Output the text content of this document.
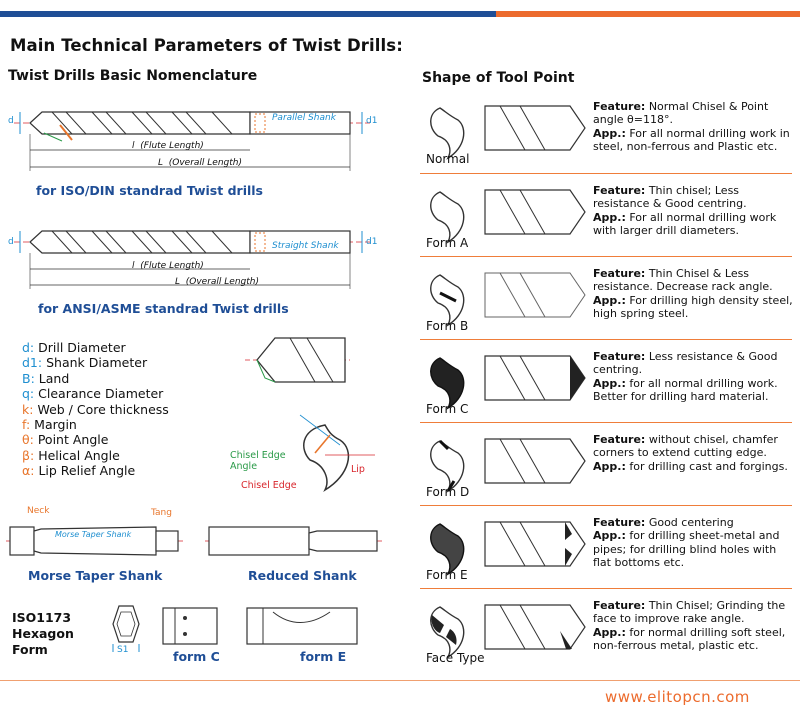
Main Technical Parameters of Twist Drills:
Twist Drills Basic Nomenclature
Parallel Shank
d	d1
l (Flute Length)
L (Overall Length)
for ISO/DIN standrad Twist drills
Straight Shank
d	d1
l (Flute Length)
L (Overall Length)
for ANSI/ASME standrad Twist drills
d: Drill Diameter
d1: Shank Diameter
B: Land
q: Clearance Diameter
k: Web / Core thickness
f: Margin
θ: Point Angle
β: Helical Angle
α: Lip Relief Angle
Chisel Edge Angle
Chisel Edge
Lip
Neck	Tang
Morse Taper Shank
Morse Taper Shank	Reduced Shank
ISO1173 Hexagon Form	S1	form C	form E
Shape of Tool Point
Normal
Feature: Normal Chisel & Point angle θ=118°.
App.: For all normal drilling work in steel, non-ferrous and Plastic etc.
Form A
Feature: Thin chisel; Less resistance & Good centring.
App.: For all normal drilling work with larger drill diameters.
Form B
Feature: Thin Chisel & Less resistance. Decrease rack angle.
App.: For drilling high density steel, high spring steel.
Form C
Feature: Less resistance & Good centring.
App.: for all normal drilling work. Better for drilling hard material.
Form D
Feature: without chisel, chamfer corners to extend cutting edge.
App.: for drilling cast and forgings.
Form E
Feature: Good centering
App.: for drilling sheet-metal and pipes; for drilling blind holes with flat bottoms etc.
Face Type
Feature: Thin Chisel; Grinding the face to improve rake angle.
App.: for normal drilling soft steel, non-ferrous metal, plastic etc.
www.elitopcn.com
